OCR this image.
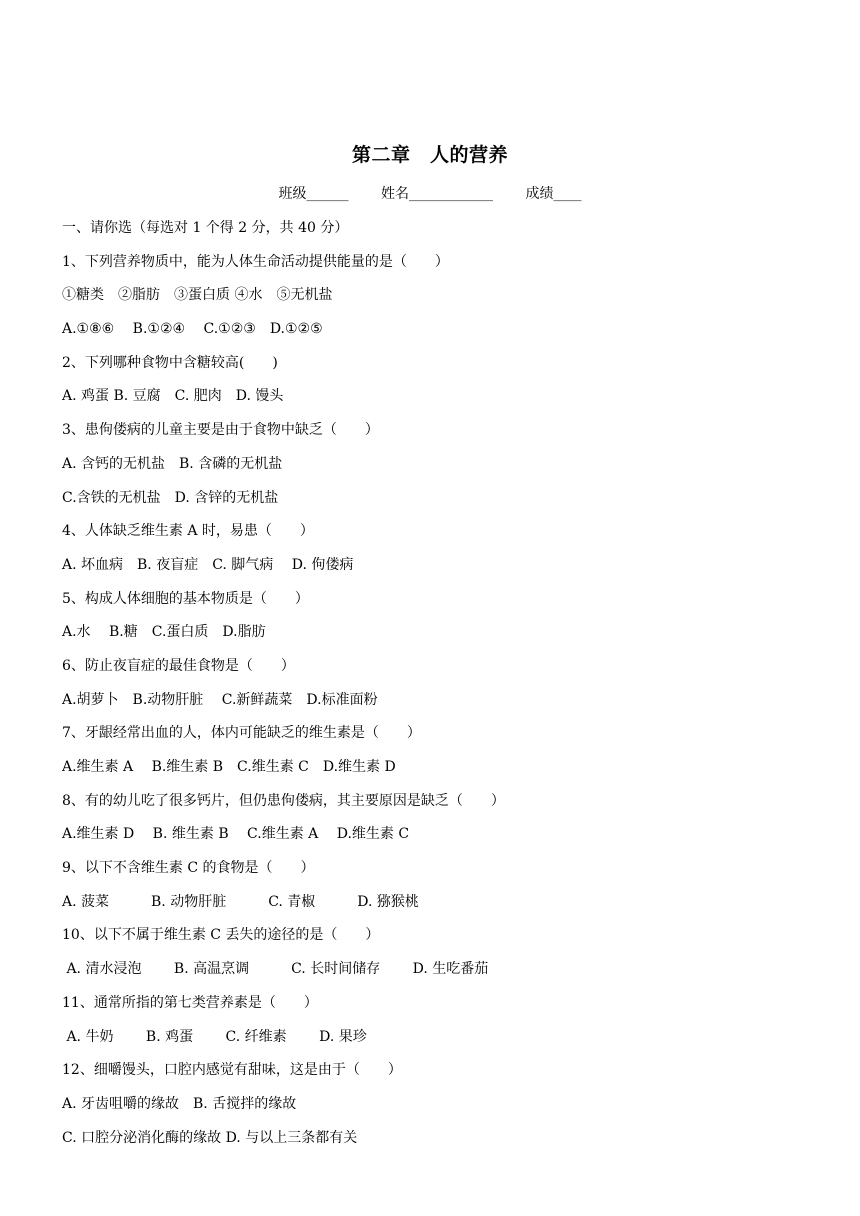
第二章　人的营养
班级______ 姓名____________ 成绩____
一、请你选（每选对 1 个得 2 分，共 40 分）
1、下列营养物质中，能为人体生命活动提供能量的是（　　）
①糖类　②脂肪　③蛋白质 ④水　⑤无机盐
A.①⑧⑥　 B.①②④　 C.①②③　D.①②⑤
2、下列哪种食物中含糖较高(　　)
A. 鸡蛋 B. 豆腐　C. 肥肉　D. 馒头
3、患佝偻病的儿童主要是由于食物中缺乏（　　）
A. 含钙的无机盐　B. 含磷的无机盐
C.含铁的无机盐　D. 含锌的无机盐
4、人体缺乏维生素 A 时，易患（　　）
A. 坏血病　B. 夜盲症　C. 脚气病　 D. 佝偻病
5、构成人体细胞的基本物质是（　　）
A.水　 B.糖　C.蛋白质　D.脂肪
6、防止夜盲症的最佳食物是（　　）
A.胡萝卜　B.动物肝脏　 C.新鲜蔬菜　D.标准面粉
7、牙龈经常出血的人，体内可能缺乏的维生素是（　　）
A.维生素 A　 B.维生素 B　C.维生素 C　D.维生素 D
8、有的幼儿吃了很多钙片，但仍患佝偻病，其主要原因是缺乏（　　）
A.维生素 D　 B. 维生素 B　 C.维生素 A　 D.维生素 C
9、以下不含维生素 C 的食物是（　　）
A. 菠菜　　　B. 动物肝脏　　　C. 青椒　　　D. 猕猴桃
10、以下不属于维生素 C 丢失的途径的是（　　）
A. 清水浸泡　　 B. 高温烹调　　　C. 长时间储存　　 D. 生吃番茄
11、通常所指的第七类营养素是（　　）
A. 牛奶　　 B. 鸡蛋　　 C. 纤维素　　 D. 果珍
12、细嚼馒头，口腔内感觉有甜味，这是由于（　　）
A. 牙齿咀嚼的缘故　B. 舌搅拌的缘故
C. 口腔分泌消化酶的缘故 D. 与以上三条都有关
